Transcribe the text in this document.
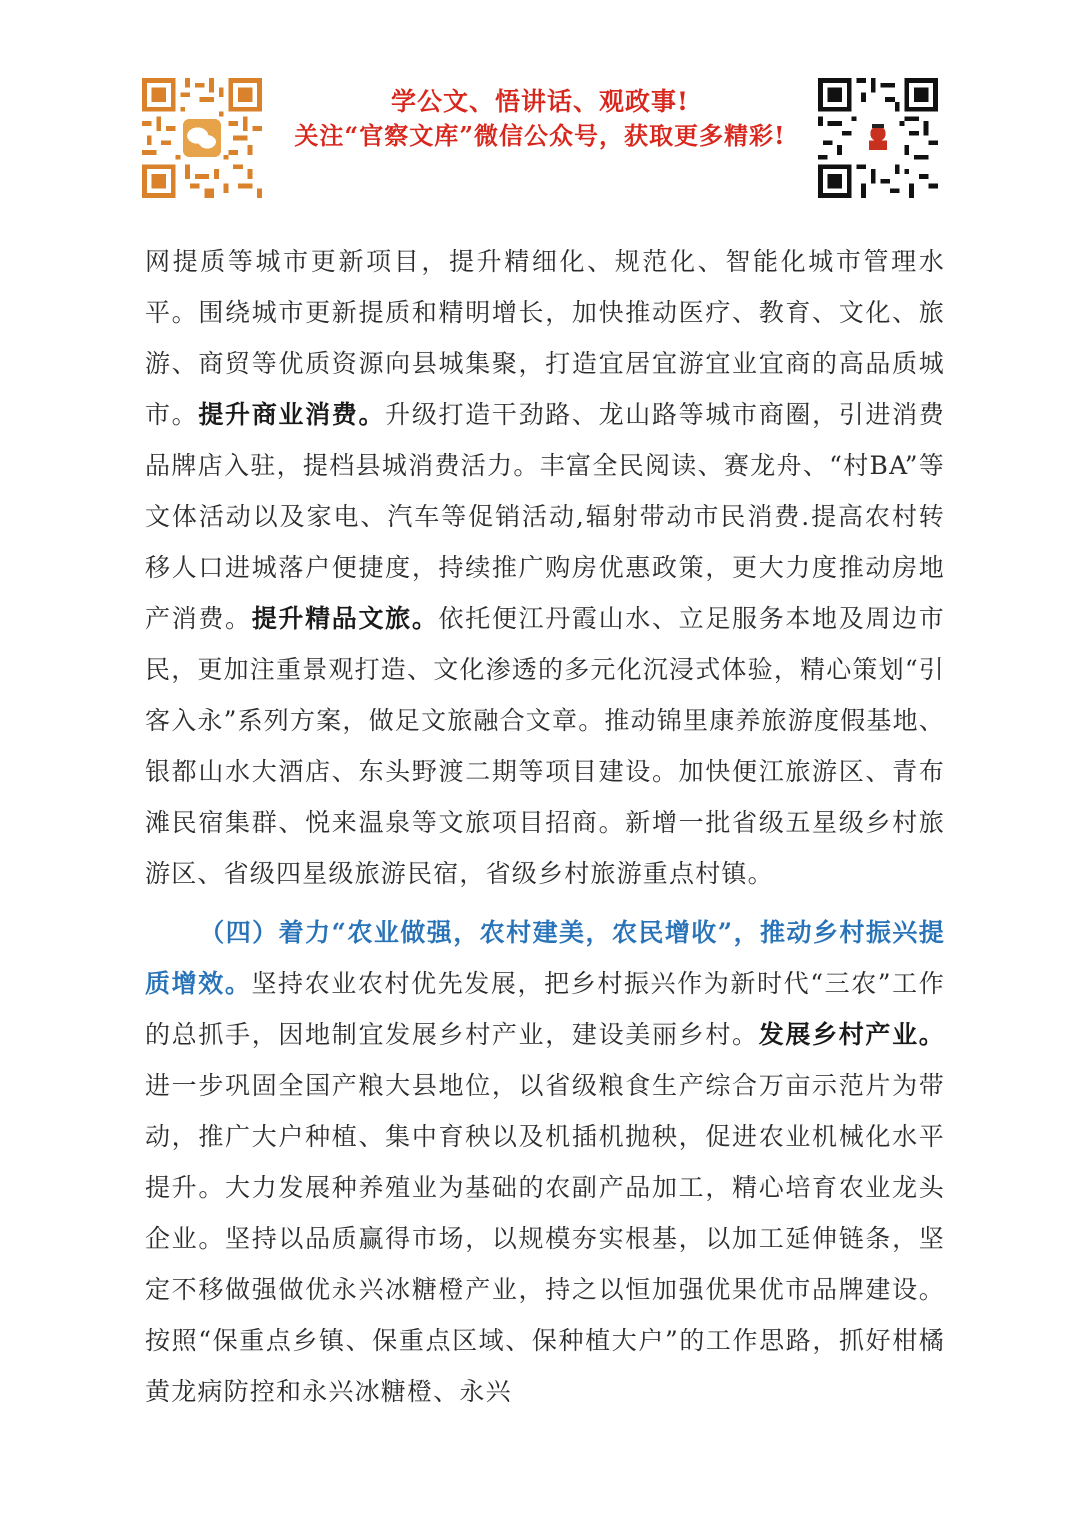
学公文、悟讲话、观政事!
关注“官察文库”微信公众号，获取更多精彩!

网提质等城市更新项目，提升精细化、规范化、智能化城市管理水平。围绕城市更新提质和精明增长，加快推动医疗、教育、文化、旅游、商贸等优质资源向县城集聚，打造宜居宜游宜业宜商的高品质城市。提升商业消费。升级打造干劲路、龙山路等城市商圈，引进消费品牌店入驻，提档县城消费活力。丰富全民阅读、赛龙舟、“村BA”等文体活动以及家电、汽车等促销活动,辐射带动市民消费.提高农村转移人口进城落户便捷度，持续推广购房优惠政策，更大力度推动房地产消费。提升精品文旅。依托便江丹霞山水、立足服务本地及周边市民，更加注重景观打造、文化渗透的多元化沉浸式体验，精心策划“引客入永”系列方案，做足文旅融合文章。推动锦里康养旅游度假基地、银都山水大酒店、东头野渡二期等项目建设。加快便江旅游区、青布滩民宿集群、悦来温泉等文旅项目招商。新增一批省级五星级乡村旅游区、省级四星级旅游民宿，省级乡村旅游重点村镇。

（四）着力“农业做强，农村建美，农民增收”，推动乡村振兴提质增效。坚持农业农村优先发展，把乡村振兴作为新时代“三农”工作的总抓手，因地制宜发展乡村产业，建设美丽乡村。发展乡村产业。进一步巩固全国产粮大县地位，以省级粮食生产综合万亩示范片为带动，推广大户种植、集中育秧以及机插机抛秧，促进农业机械化水平提升。大力发展种养殖业为基础的农副产品加工，精心培育农业龙头企业。坚持以品质赢得市场，以规模夯实根基，以加工延伸链条，坚定不移做强做优永兴冰糖橙产业，持之以恒加强优果优市品牌建设。按照“保重点乡镇、保重点区域、保种植大户”的工作思路，抓好柑橘黄龙病防控和永兴冰糖橙、永兴
